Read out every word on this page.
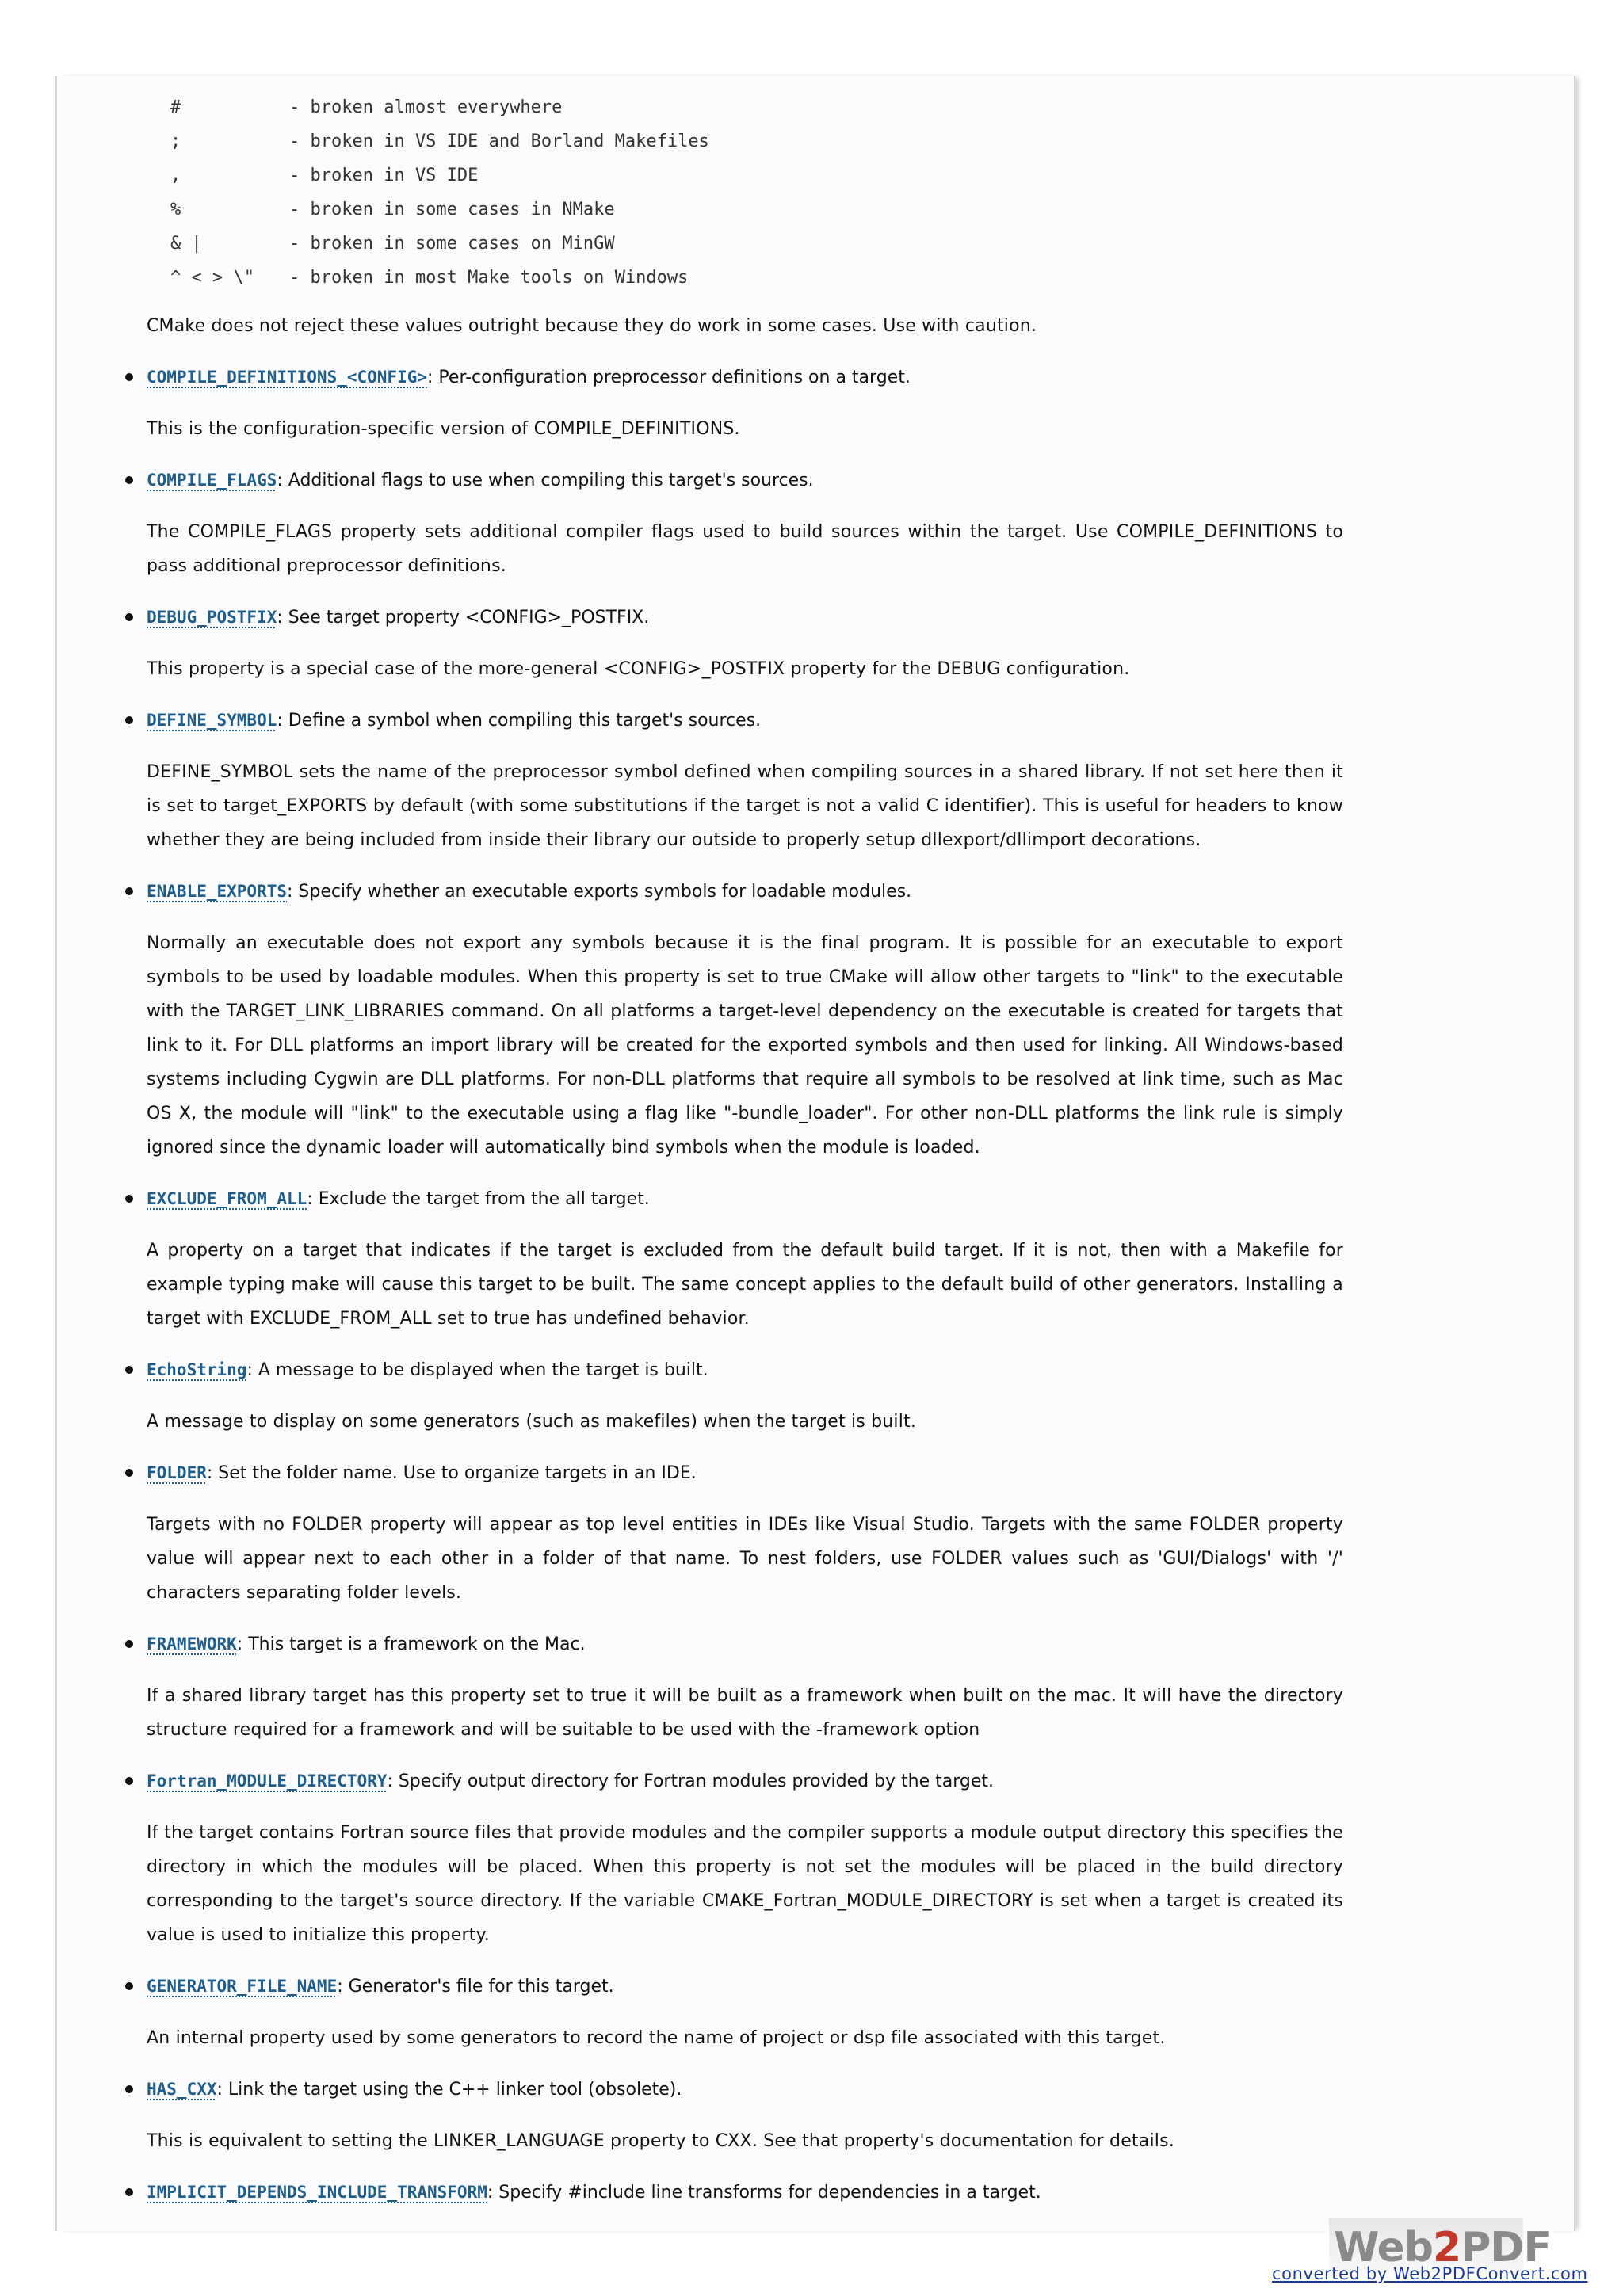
#	- broken almost everywhere
;	- broken in VS IDE and Borland Makefiles
,	- broken in VS IDE
%	- broken in some cases in NMake
& |	- broken in some cases on MinGW
^ < > \" - broken in most Make tools on Windows

CMake does not reject these values outright because they do work in some cases. Use with caution.

COMPILE_DEFINITIONS_<CONFIG>: Per-configuration preprocessor definitions on a target.

This is the configuration-specific version of COMPILE_DEFINITIONS.

COMPILE_FLAGS: Additional flags to use when compiling this target's sources.

The COMPILE_FLAGS property sets additional compiler flags used to build sources within the target. Use COMPILE_DEFINITIONS to pass additional preprocessor definitions.

DEBUG_POSTFIX: See target property <CONFIG>_POSTFIX.

This property is a special case of the more-general <CONFIG>_POSTFIX property for the DEBUG configuration.

DEFINE_SYMBOL: Define a symbol when compiling this target's sources.

DEFINE_SYMBOL sets the name of the preprocessor symbol defined when compiling sources in a shared library. If not set here then it is set to target_EXPORTS by default (with some substitutions if the target is not a valid C identifier). This is useful for headers to know whether they are being included from inside their library our outside to properly setup dllexport/dllimport decorations.

ENABLE_EXPORTS: Specify whether an executable exports symbols for loadable modules.

Normally an executable does not export any symbols because it is the final program. It is possible for an executable to export symbols to be used by loadable modules. When this property is set to true CMake will allow other targets to "link" to the executable with the TARGET_LINK_LIBRARIES command. On all platforms a target-level dependency on the executable is created for targets that link to it. For DLL platforms an import library will be created for the exported symbols and then used for linking. All Windows-based systems including Cygwin are DLL platforms. For non-DLL platforms that require all symbols to be resolved at link time, such as Mac OS X, the module will "link" to the executable using a flag like "-bundle_loader". For other non-DLL platforms the link rule is simply ignored since the dynamic loader will automatically bind symbols when the module is loaded.

EXCLUDE_FROM_ALL: Exclude the target from the all target.

A property on a target that indicates if the target is excluded from the default build target. If it is not, then with a Makefile for example typing make will cause this target to be built. The same concept applies to the default build of other generators. Installing a target with EXCLUDE_FROM_ALL set to true has undefined behavior.

EchoString: A message to be displayed when the target is built.

A message to display on some generators (such as makefiles) when the target is built.

FOLDER: Set the folder name. Use to organize targets in an IDE.

Targets with no FOLDER property will appear as top level entities in IDEs like Visual Studio. Targets with the same FOLDER property value will appear next to each other in a folder of that name. To nest folders, use FOLDER values such as 'GUI/Dialogs' with '/' characters separating folder levels.

FRAMEWORK: This target is a framework on the Mac.

If a shared library target has this property set to true it will be built as a framework when built on the mac. It will have the directory structure required for a framework and will be suitable to be used with the -framework option

Fortran_MODULE_DIRECTORY: Specify output directory for Fortran modules provided by the target.

If the target contains Fortran source files that provide modules and the compiler supports a module output directory this specifies the directory in which the modules will be placed. When this property is not set the modules will be placed in the build directory corresponding to the target's source directory. If the variable CMAKE_Fortran_MODULE_DIRECTORY is set when a target is created its value is used to initialize this property.

GENERATOR_FILE_NAME: Generator's file for this target.

An internal property used by some generators to record the name of project or dsp file associated with this target.

HAS_CXX: Link the target using the C++ linker tool (obsolete).

This is equivalent to setting the LINKER_LANGUAGE property to CXX. See that property's documentation for details.

IMPLICIT_DEPENDS_INCLUDE_TRANSFORM: Specify #include line transforms for dependencies in a target.
Web2PDF
converted by Web2PDFConvert.com
